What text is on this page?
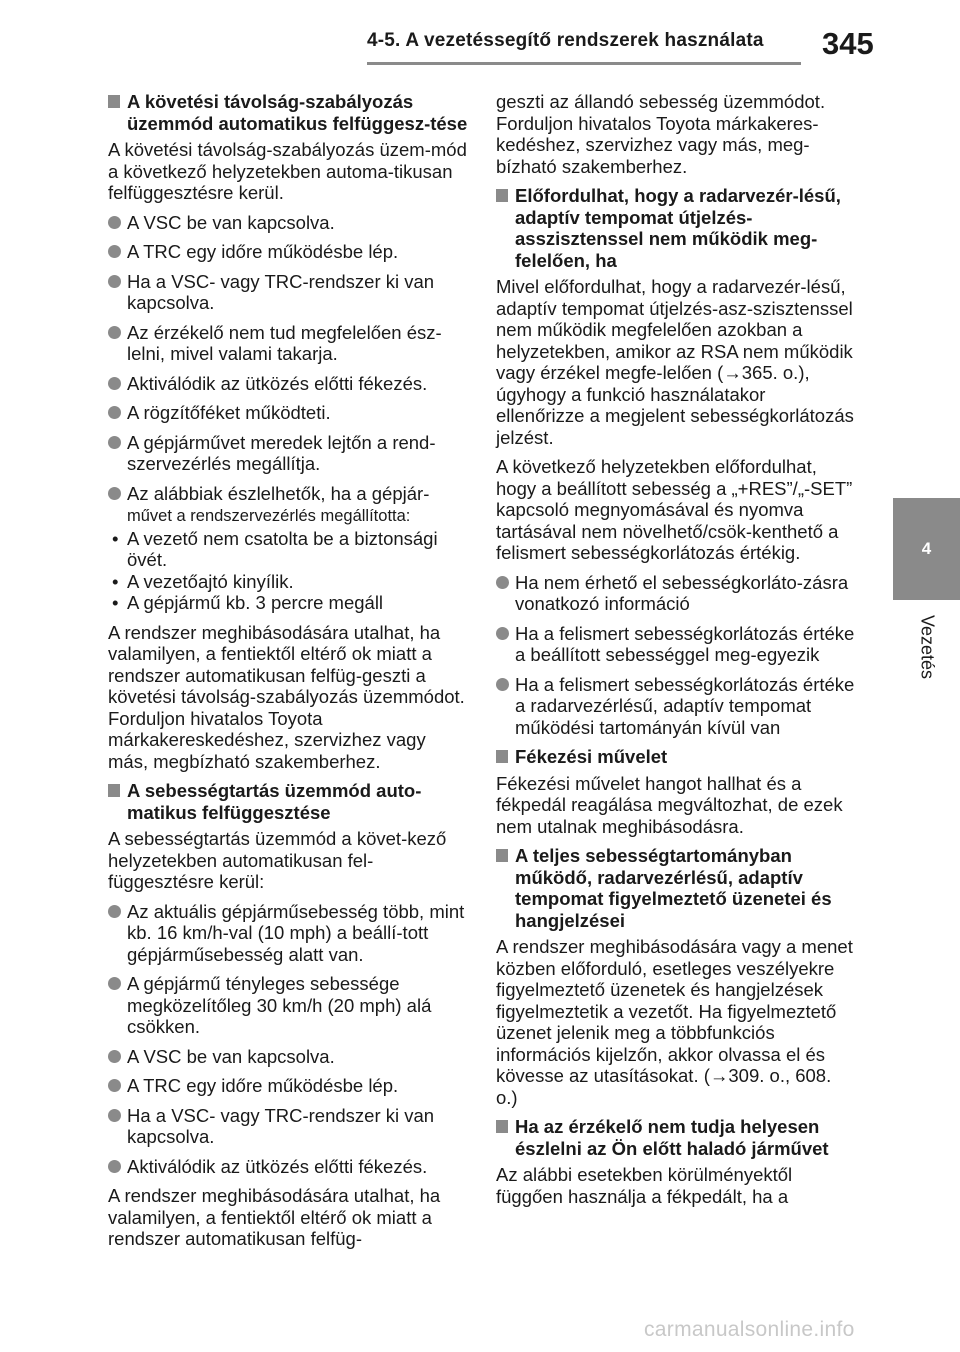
4-5. A vezetéssegítő rendszerek használata 345
4
Vezetés
A követési távolság-szabályozás üzemmód automatikus felfüggesz-tése

A követési távolság-szabályozás üzem-mód a következő helyzetekben automa-tikusan felfüggesztésre kerül.

A VSC be van kapcsolva.
A TRC egy időre működésbe lép.
Ha a VSC- vagy TRC-rendszer ki van kapcsolva.
Az érzékelő nem tud megfelelően ész-lelni, mivel valami takarja.
Aktiválódik az ütközés előtti fékezés.
A rögzítőféket működteti.
A gépjárművet meredek lejtőn a rend-szervezérlés megállítja.
Az alábbiak észlelhetők, ha a gépjár-
művet a rendszervezérlés megállította:
• A vezető nem csatolta be a biztonsági övét.
• A vezetőajtó kinyílik.
• A gépjármű kb. 3 percre megáll

A rendszer meghibásodására utalhat, ha valamilyen, a fentiektől eltérő ok miatt a rendszer automatikusan felfüg-geszti a követési távolság-szabályozás üzemmódot. Forduljon hivatalos Toyota márkakereskedéshez, szervizhez vagy más, megbízható szakemberhez.

A sebességtartás üzemmód auto-matikus felfüggesztése

A sebességtartás üzemmód a követ-kező helyzetekben automatikusan fel-függesztésre kerül:

Az aktuális gépjárműsebesség több, mint kb. 16 km/h-val (10 mph) a beállí-tott gépjárműsebesség alatt van.
A gépjármű tényleges sebessége megközelítőleg 30 km/h (20 mph) alá csökken.
A VSC be van kapcsolva.
A TRC egy időre működésbe lép.
Ha a VSC- vagy TRC-rendszer ki van kapcsolva.
Aktiválódik az ütközés előtti fékezés.

A rendszer meghibásodására utalhat, ha valamilyen, a fentiektől eltérő ok miatt a rendszer automatikusan felfüg-

geszti az állandó sebesség üzemmódot. Forduljon hivatalos Toyota márkakeres-kedéshez, szervizhez vagy más, meg-bízható szakemberhez.

Előfordulhat, hogy a radarvezér-lésű, adaptív tempomat útjelzés-asszisztenssel nem működik meg-felelően, ha

Mivel előfordulhat, hogy a radarvezér-lésű, adaptív tempomat útjelzés-asz-szisztenssel nem működik megfelelően azokban a helyzetekben, amikor az RSA nem működik vagy érzékel megfe-lelően (→365. o.), úgyhogy a funkció használatakor ellenőrizze a megjelent sebességkorlátozás jelzést.

A következő helyzetekben előfordulhat, hogy a beállított sebesség a „+RES”/„-SET” kapcsoló megnyomásával és nyomva tartásával nem növelhető/csök-kenthető a felismert sebességkorlátozás értékig.

Ha nem érhető el sebességkorláto-zásra vonatkozó információ
Ha a felismert sebességkorlátozás értéke a beállított sebességgel meg-egyezik
Ha a felismert sebességkorlátozás értéke a radarvezérlésű, adaptív tempomat működési tartományán kívül van
Fékezési művelet

Fékezési művelet hangot hallhat és a fékpedál reagálása megváltozhat, de ezek nem utalnak meghibásodásra.

A teljes sebességtartományban működő, radarvezérlésű, adaptív tempomat figyelmeztető üzenetei és hangjelzései

A rendszer meghibásodására vagy a menet közben előforduló, esetleges veszélyekre figyelmeztető üzenetek és hangjelzések figyelmeztetik a vezetőt. Ha figyelmeztető üzenet jelenik meg a többfunkciós információs kijelzőn, akkor olvassa el és kövesse az utasításokat. (→309. o., 608. o.)

Ha az érzékelő nem tudja helyesen észlelni az Ön előtt haladó járművet

Az alábbi esetekben körülményektől függően használja a fékpedált, ha a

carmanualsonline.info
